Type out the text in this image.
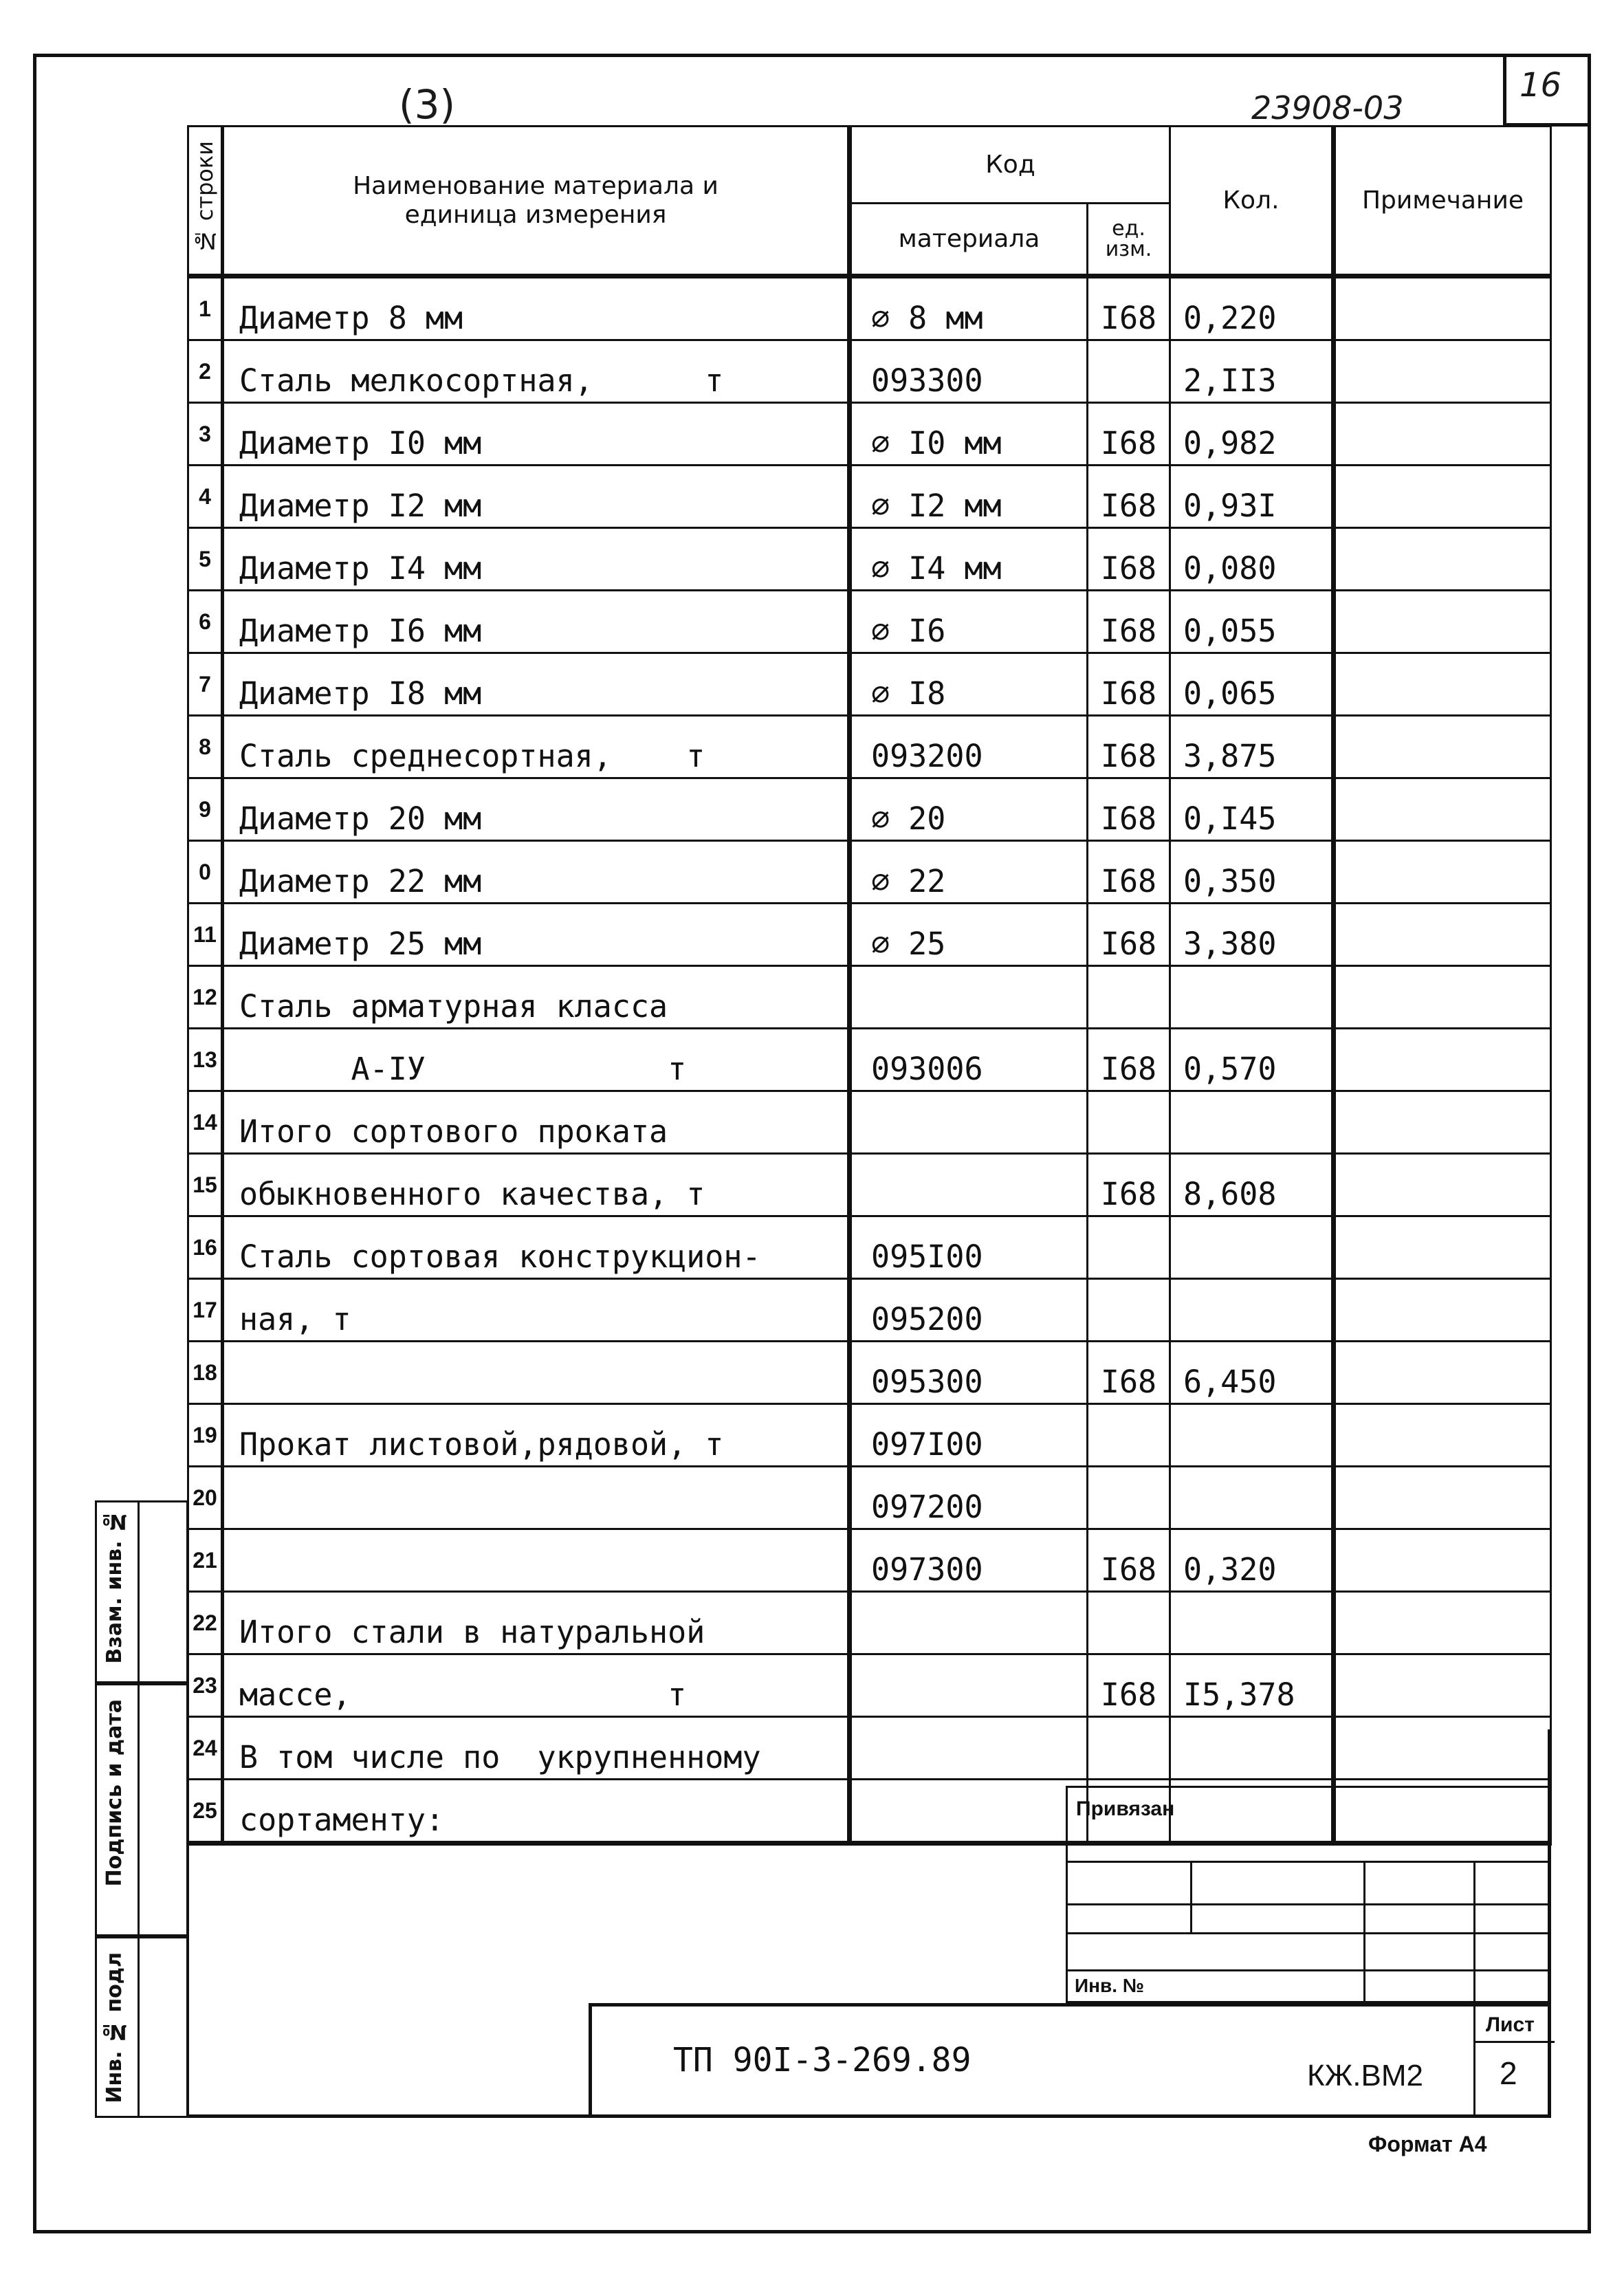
16
(3)	23908-03
№ строки	Наименование материала и единица измерения	Код		Кол.	Примечание
		материала	ед. изм.		
1	Диаметр 8 мм	∅ 8 мм	I68	0,220	
2	Сталь мелкосортная,      т	093300		2,II3	
3	Диаметр I0 мм	∅ I0 мм	I68	0,982	
4	Диаметр I2 мм	∅ I2 мм	I68	0,93I	
5	Диаметр I4 мм	∅ I4 мм	I68	0,080	
6	Диаметр I6 мм	∅ I6	I68	0,055	
7	Диаметр I8 мм	∅ I8	I68	0,065	
8	Сталь среднесортная,    т	093200	I68	3,875	
9	Диаметр 20 мм	∅ 20	I68	0,I45	
0	Диаметр 22 мм	∅ 22	I68	0,350	
11	Диаметр 25 мм	∅ 25	I68	3,380	
12	Сталь арматурная класса				
13	А-IУ             т	093006	I68	0,570	
14	Итого сортового проката				
15	обыкновенного качества, т		I68	8,608	
16	Сталь сортовая конструкцион-	095I00			
17	ная, т	095200			
18		095300	I68	6,450	
19	Прокат листовой,рядовой, т	097I00			
20		097200			
21		097300	I68	0,320	
22	Итого стали в натуральной				
23	массе,                 т		I68	I5,378	
24	В том числе по  укрупненному				
25	сортаменту:				
Взам. инв. №
Подпись и дата
Инв. № подл
Привязан
Инв. №
ТП 90I-3-269.89	КЖ.ВМ2
Лист
2
Формат А4
